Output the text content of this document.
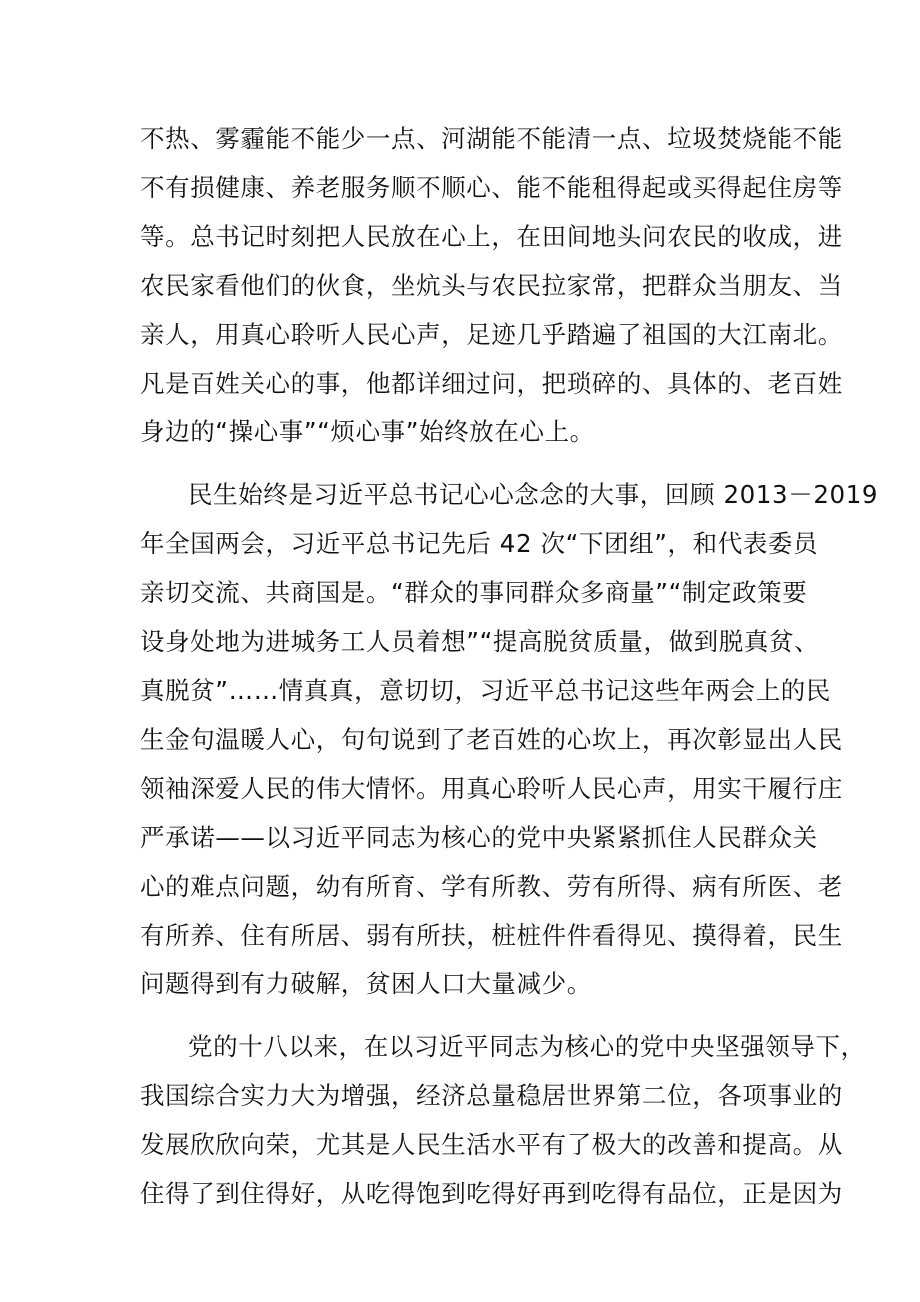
不热、雾霾能不能少一点、河湖能不能清一点、垃圾焚烧能不能
不有损健康、养老服务顺不顺心、能不能租得起或买得起住房等
等。总书记时刻把人民放在心上，在田间地头问农民的收成，进
农民家看他们的伙食，坐炕头与农民拉家常，把群众当朋友、当
亲人，用真心聆听人民心声，足迹几乎踏遍了祖国的大江南北。
凡是百姓关心的事，他都详细过问，把琐碎的、具体的、老百姓
身边的“操心事”“烦心事”始终放在心上。

民生始终是习近平总书记心心念念的大事，回顾 2013－2019
年全国两会，习近平总书记先后 42 次“下团组”，和代表委员
亲切交流、共商国是。“群众的事同群众多商量”“制定政策要
设身处地为进城务工人员着想”“提高脱贫质量，做到脱真贫、
真脱贫”……情真真，意切切，习近平总书记这些年两会上的民
生金句温暖人心，句句说到了老百姓的心坎上，再次彰显出人民
领袖深爱人民的伟大情怀。用真心聆听人民心声，用实干履行庄
严承诺——以习近平同志为核心的党中央紧紧抓住人民群众关
心的难点问题，幼有所育、学有所教、劳有所得、病有所医、老
有所养、住有所居、弱有所扶，桩桩件件看得见、摸得着，民生
问题得到有力破解，贫困人口大量减少。

党的十八以来，在以习近平同志为核心的党中央坚强领导下，
我国综合实力大为增强，经济总量稳居世界第二位，各项事业的
发展欣欣向荣，尤其是人民生活水平有了极大的改善和提高。从
住得了到住得好，从吃得饱到吃得好再到吃得有品位，正是因为
